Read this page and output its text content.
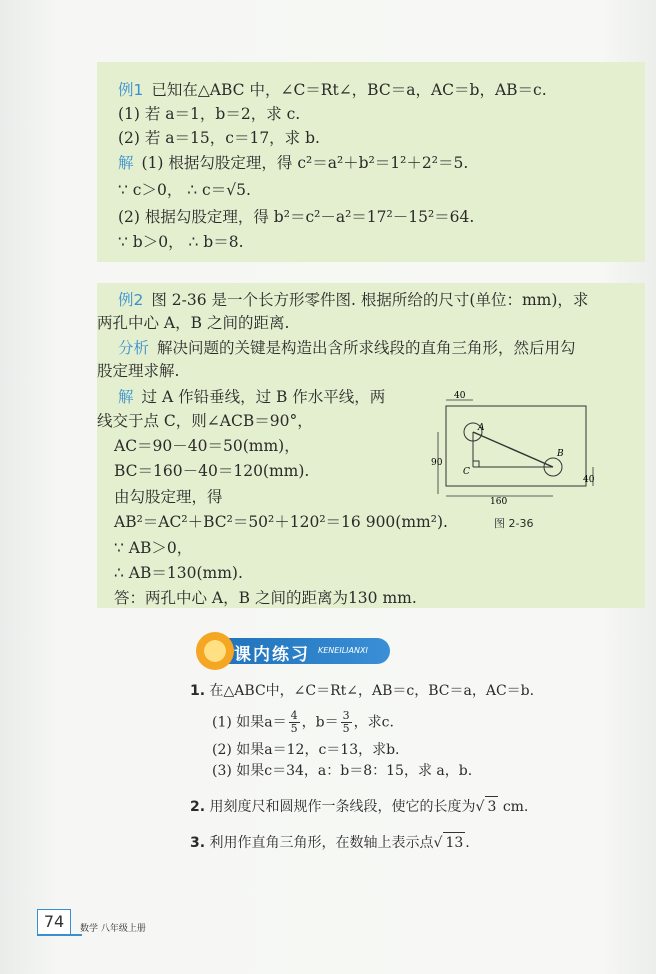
例1 已知在△ABC 中，∠C＝Rt∠，BC＝a，AC＝b，AB＝c.
(1) 若 a＝1，b＝2，求 c.
(2) 若 a＝15，c＝17，求 b.
解 (1) 根据勾股定理，得 c²＝a²＋b²＝1²＋2²＝5.
∵ c＞0， ∴ c＝√5.
(2) 根据勾股定理，得 b²＝c²－a²＝17²－15²＝64.
∵ b＞0， ∴ b＝8.
例2 图 2-36 是一个长方形零件图. 根据所给的尺寸(单位：mm)，求
两孔中心 A，B 之间的距离.
分析 解决问题的关键是构造出含所求线段的直角三角形，然后用勾
股定理求解.
解 过 A 作铅垂线，过 B 作水平线，两
线交于点 C，则∠ACB＝90°，
AC＝90－40＝50(mm)，
BC＝160－40＝120(mm).
由勾股定理，得
AB²＝AC²＋BC²＝50²＋120²＝16 900(mm²).
∵ AB＞0，
∴ AB＝130(mm).
答：两孔中心 A，B 之间的距离为130 mm.
A
B
C
40
90
160
40
图 2-36
课内练习 KENEILIANXI
1. 在△ABC中，∠C＝Rt∠，AB＝c，BC＝a，AC＝b.
(1) 如果$a= \frac{4}{5}$ ，$b= \frac{3}{5}$ ，求c.
(2) 如果a＝12，c＝13，求b.
(3) 如果c＝34，a：b＝8：15，求 a，b.
2. 用刻度尺和圆规作一条线段，使它的长度为√ 3 cm.
3. 利用作直角三角形，在数轴上表示点√ 13 .
74	数学 八年级上册
